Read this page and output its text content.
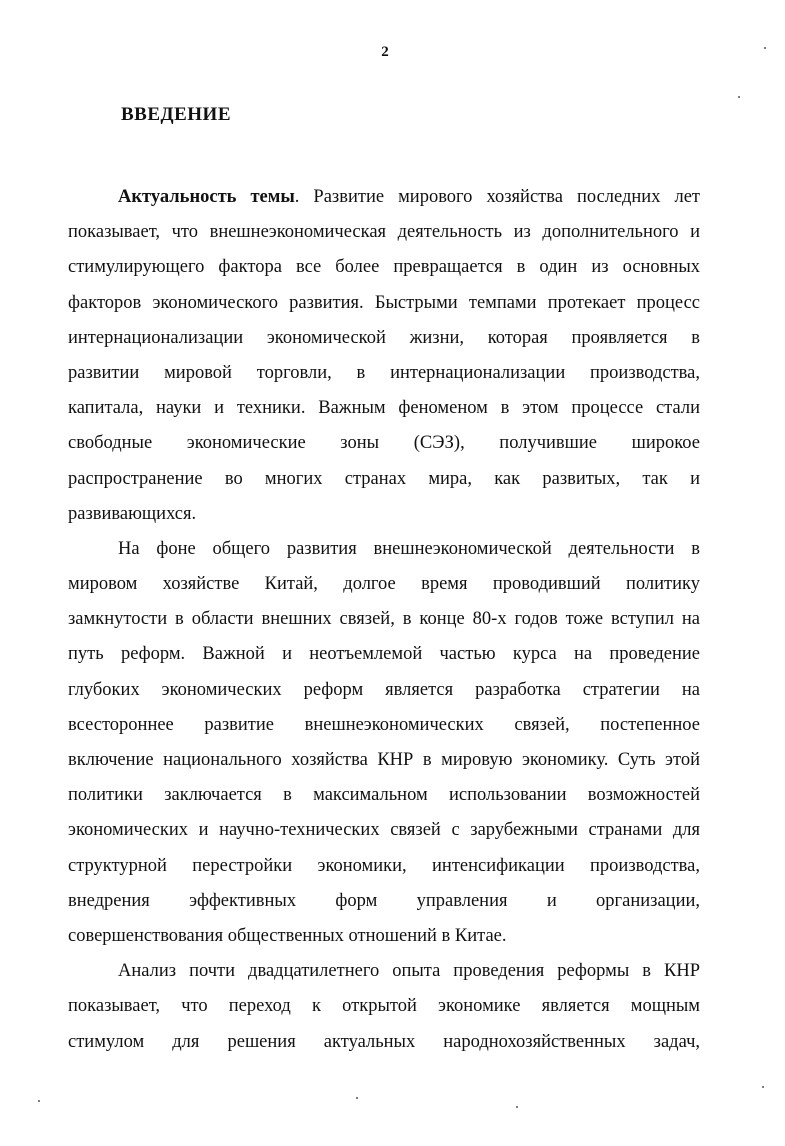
2
ВВЕДЕНИЕ
Актуальность темы. Развитие мирового хозяйства последних лет
показывает, что внешнеэкономическая деятельность из дополнительного и
стимулирующего фактора все более превращается в один из основных
факторов экономического развития. Быстрыми темпами протекает процесс
интернационализации экономической жизни, которая проявляется в
развитии мировой торговли, в интернационализации производства,
капитала, науки и техники. Важным феноменом в этом процессе стали
свободные экономические зоны (СЭЗ), получившие широкое
распространение во многих странах мира, как развитых, так и
развивающихся.
На фоне общего развития внешнеэкономической деятельности в
мировом хозяйстве Китай, долгое время проводивший политику
замкнутости в области внешних связей, в конце 80-х годов тоже вступил на
путь реформ. Важной и неотъемлемой частью курса на проведение
глубоких экономических реформ является разработка стратегии на
всестороннее развитие внешнеэкономических связей, постепенное
включение национального хозяйства КНР в мировую экономику. Суть этой
политики заключается в максимальном использовании возможностей
экономических и научно-технических связей с зарубежными странами для
структурной перестройки экономики, интенсификации производства,
внедрения эффективных форм управления и организации,
совершенствования общественных отношений в Китае.
Анализ почти двадцатилетнего опыта проведения реформы в КНР
показывает, что переход к открытой экономике является мощным
стимулом для решения актуальных народнохозяйственных задач,
